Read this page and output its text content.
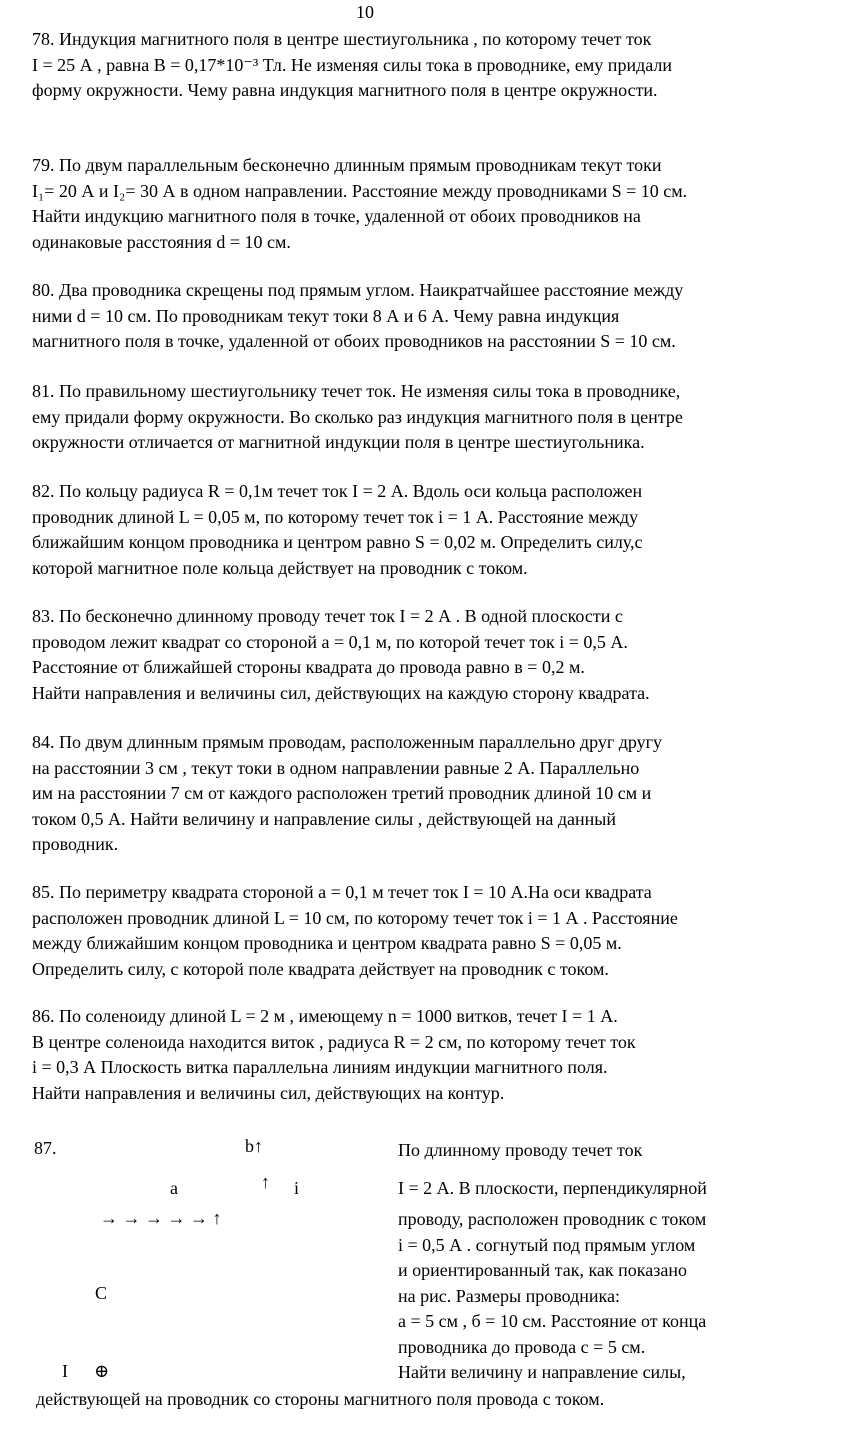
10
78. Индукция магнитного поля в центре шестиугольника , по которому течет ток
I = 25 А , равна B = 0,17*10⁻³ Тл. Не изменяя силы тока в проводнике, ему придали
форму окружности. Чему равна индукция магнитного поля в центре окружности.
79. По двум параллельным бесконечно длинным прямым проводникам текут токи
I₁= 20 А и I₂= 30 А в одном направлении. Расстояние между проводниками S = 10 см.
Найти индукцию магнитного поля в точке, удаленной от обоих проводников на
одинаковые расстояния d = 10 см.
80. Два проводника скрещены под прямым углом. Наикратчайшее расстояние между
ними d = 10 см. По проводникам текут токи 8 А и 6 А. Чему равна индукция
магнитного поля в точке, удаленной от обоих проводников на расстоянии S = 10 см.
81. По правильному шестиугольнику течет ток. Не изменяя силы тока в проводнике,
ему придали форму окружности. Во сколько раз индукция магнитного поля в центре
окружности отличается от магнитной индукции поля в центре шестиугольника.
82. По кольцу радиуса R = 0,1м течет ток I = 2 А. Вдоль оси кольца расположен
проводник длиной L = 0,05 м, по которому течет ток i = 1 А. Расстояние между
ближайшим концом проводника и центром равно S = 0,02 м. Определить силу,с
которой магнитное поле кольца действует на проводник с током.
83. По бесконечно длинному проводу течет ток I = 2 А . В одной плоскости с
проводом лежит квадрат со стороной а = 0,1 м, по которой течет ток i = 0,5 А.
Расстояние от ближайшей стороны квадрата до провода равно в = 0,2 м.
Найти направления и величины сил, действующих на каждую сторону квадрата.
84. По двум длинным прямым проводам, расположенным параллельно друг другу
на расстоянии 3 см , текут токи в одном направлении равные 2 А. Параллельно
им на расстоянии 7 см от каждого расположен третий проводник длиной 10 см и
током 0,5 А. Найти величину и направление силы , действующей на данный
проводник.
85. По периметру квадрата стороной а = 0,1 м течет ток I = 10 А.На оси квадрата
расположен проводник длиной L = 10 см, по которому течет ток i = 1 А . Расстояние
между ближайшим концом проводника и центром квадрата равно S = 0,05 м.
Определить силу, с которой поле квадрата действует на проводник с током.
86. По соленоиду длиной L = 2 м , имеющему n = 1000 витков, течет I = 1 А.
В центре соленоида находится виток , радиуса R = 2 см, по которому течет ток
i = 0,3 А Плоскость витка параллельна линиям индукции магнитного поля.
Найти направления и величины сил, действующих на контур.
87.	b↑
a	↑ i
→ → → → → ↑
C
I ⊕
По длинному проводу течет ток
I = 2 А. В плоскости, перпендикулярной
проводу, расположен проводник с током
i = 0,5 А . согнутый под прямым углом
и ориентированный так, как показано
на рис. Размеры проводника:
а = 5 см , б = 10 см. Расстояние от конца
проводника до провода с = 5 см.
Найти величину и направление силы,
действующей на проводник со стороны магнитного поля провода с током.
